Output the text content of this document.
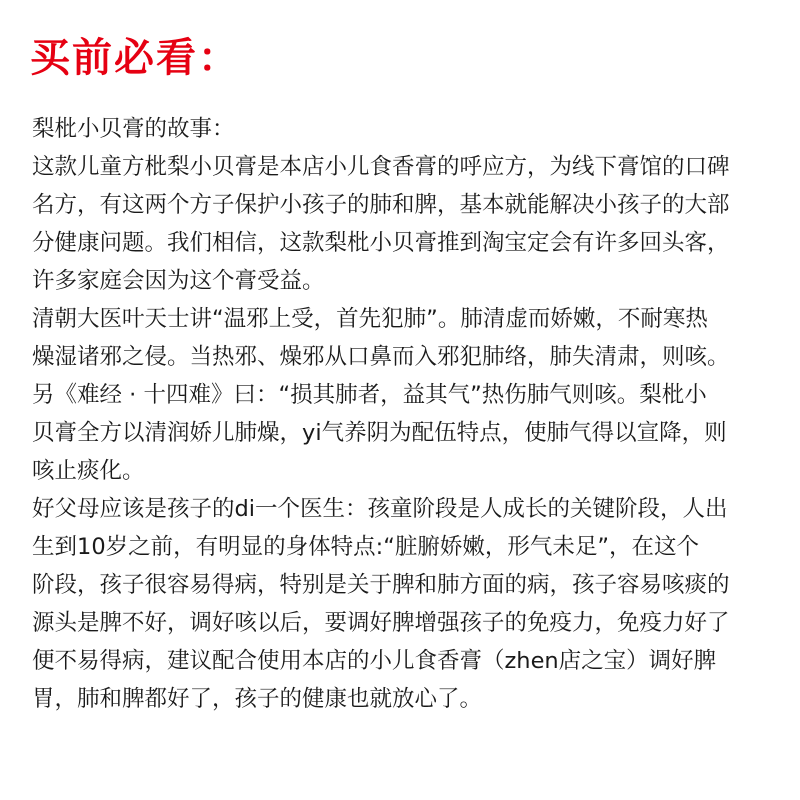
买前必看：
梨枇小贝膏的故事：
这款儿童方枇梨小贝膏是本店小儿食香膏的呼应方，为线下膏馆的口碑
名方，有这两个方子保护小孩子的肺和脾，基本就能解决小孩子的大部
分健康问题。我们相信，这款梨枇小贝膏推到淘宝定会有许多回头客，
许多家庭会因为这个膏受益。
清朝大医叶天士讲“温邪上受，首先犯肺”。肺清虚而娇嫩，不耐寒热
燥湿诸邪之侵。当热邪、燥邪从口鼻而入邪犯肺络，肺失清肃，则咳。
另《难经 · 十四难》曰：“损其肺者，益其气”热伤肺气则咳。梨枇小
贝膏全方以清润娇儿肺燥，yi气养阴为配伍特点，使肺气得以宣降，则
咳止痰化。
好父母应该是孩子的di一个医生：孩童阶段是人成长的关键阶段，人出
生到10岁之前，有明显的身体特点:“脏腑娇嫩，形气未足”，在这个
阶段，孩子很容易得病，特别是关于脾和肺方面的病，孩子容易咳痰的
源头是脾不好，调好咳以后，要调好脾增强孩子的免疫力，免疫力好了
便不易得病，建议配合使用本店的小儿食香膏（zhen店之宝）调好脾
胃，肺和脾都好了，孩子的健康也就放心了。
